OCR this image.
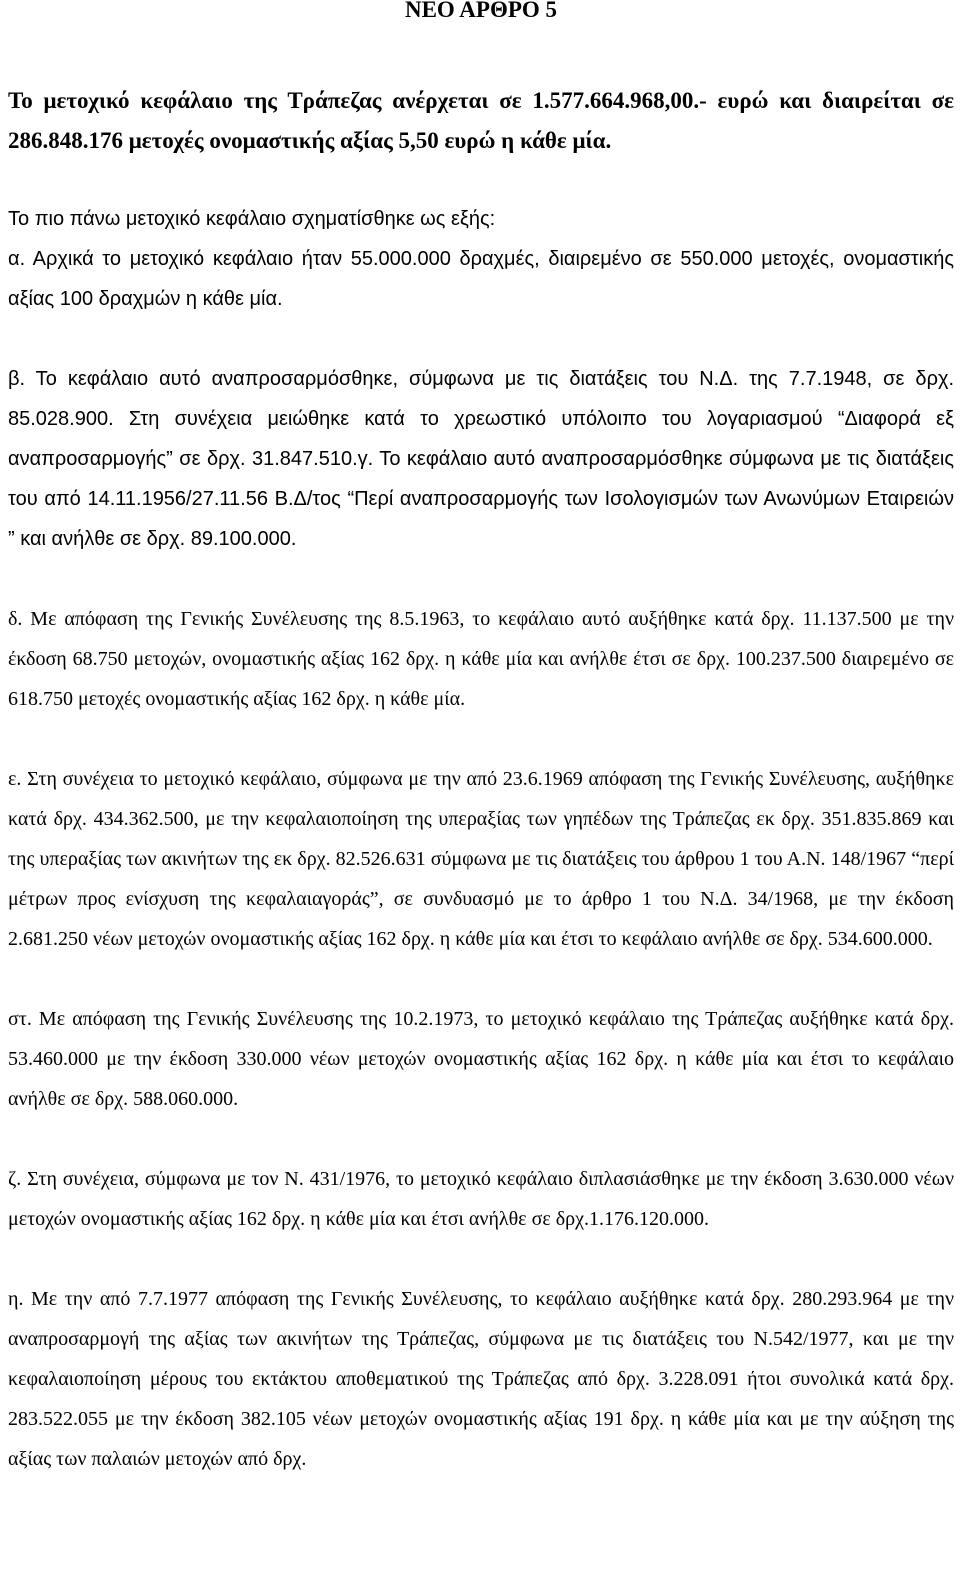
ΝΕΟ ΑΡΘΡΟ 5

Το μετοχικό κεφάλαιο της Τράπεζας ανέρχεται σε 1.577.664.968,00.- ευρώ και διαιρείται σε 286.848.176 μετοχές ονομαστικής αξίας 5,50 ευρώ η κάθε μία.

Το πιο πάνω μετοχικό κεφάλαιο σχηματίσθηκε ως εξής:

α. Αρχικά το μετοχικό κεφάλαιο ήταν 55.000.000 δραχμές, διαιρεμένο σε 550.000 μετοχές, ονομαστικής αξίας 100 δραχμών η κάθε μία.

β. Το κεφάλαιο αυτό αναπροσαρμόσθηκε, σύμφωνα με τις διατάξεις του Ν.Δ. της 7.7.1948, σε δρχ. 85.028.900. Στη συνέχεια μειώθηκε κατά το χρεωστικό υπόλοιπο του λογαριασμού “Διαφορά εξ αναπροσαρμογής” σε δρχ. 31.847.510.γ. Το κεφάλαιο αυτό αναπροσαρμόσθηκε σύμφωνα με τις διατάξεις του από 14.11.1956/27.11.56 Β.Δ/τος “Περί αναπροσαρμογής των Ισολογισμών των Ανωνύμων Εταιρειών ” και ανήλθε σε δρχ. 89.100.000.

δ. Με απόφαση της Γενικής Συνέλευσης της 8.5.1963, το κεφάλαιο αυτό αυξήθηκε κατά δρχ. 11.137.500 με την έκδοση 68.750 μετοχών, ονομαστικής αξίας 162 δρχ. η κάθε μία και ανήλθε έτσι σε δρχ. 100.237.500 διαιρεμένο σε 618.750 μετοχές ονομαστικής αξίας 162 δρχ. η κάθε μία.

ε. Στη συνέχεια το μετοχικό κεφάλαιο, σύμφωνα με την από 23.6.1969 απόφαση της Γενικής Συνέλευσης, αυξήθηκε κατά δρχ. 434.362.500, με την κεφαλαιοποίηση της υπεραξίας των γηπέδων της Τράπεζας εκ δρχ. 351.835.869 και της υπεραξίας των ακινήτων της εκ δρχ. 82.526.631 σύμφωνα με τις διατάξεις του άρθρου 1 του Α.Ν. 148/1967 “περί μέτρων προς ενίσχυση της κεφαλαιαγοράς”, σε συνδυασμό με το άρθρο 1 του Ν.Δ. 34/1968, με την έκδοση 2.681.250 νέων μετοχών ονομαστικής αξίας 162 δρχ. η κάθε μία και έτσι το κεφάλαιο ανήλθε σε δρχ. 534.600.000.

στ. Με απόφαση της Γενικής Συνέλευσης της 10.2.1973, το μετοχικό κεφάλαιο της Τράπεζας αυξήθηκε κατά δρχ. 53.460.000 με την έκδοση 330.000 νέων μετοχών ονομαστικής αξίας 162 δρχ. η κάθε μία και έτσι το κεφάλαιο ανήλθε σε δρχ. 588.060.000.

ζ. Στη συνέχεια, σύμφωνα με τον Ν. 431/1976, το μετοχικό κεφάλαιο διπλασιάσθηκε με την έκδοση 3.630.000 νέων μετοχών ονομαστικής αξίας 162 δρχ. η κάθε μία και έτσι ανήλθε σε δρχ.1.176.120.000.

η. Με την από 7.7.1977 απόφαση της Γενικής Συνέλευσης, το κεφάλαιο αυξήθηκε κατά δρχ. 280.293.964 με την αναπροσαρμογή της αξίας των ακινήτων της Τράπεζας, σύμφωνα με τις διατάξεις του Ν.542/1977, και με την κεφαλαιοποίηση μέρους του εκτάκτου αποθεματικού της Τράπεζας από δρχ. 3.228.091 ήτοι συνολικά κατά δρχ. 283.522.055 με την έκδοση 382.105 νέων μετοχών ονομαστικής αξίας 191 δρχ. η κάθε μία και με την αύξηση της αξίας των παλαιών μετοχών από δρχ.
